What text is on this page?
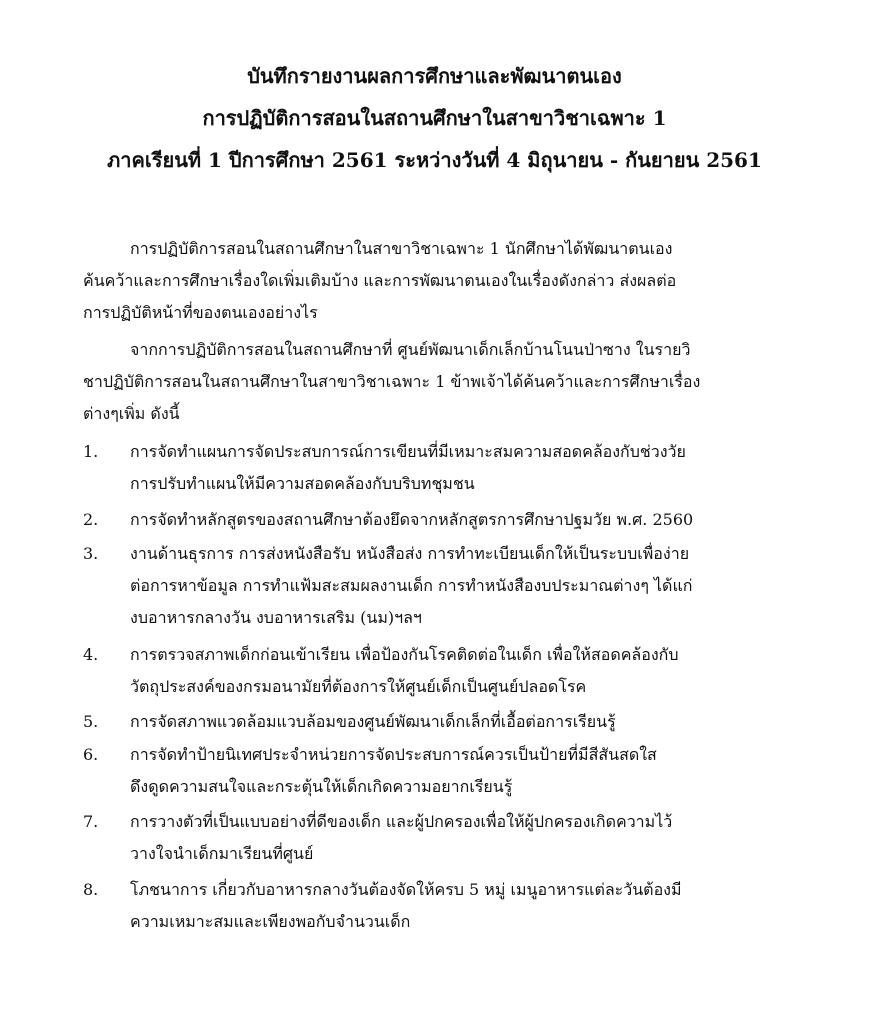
บันทึกรายงานผลการศึกษาและพัฒนาตนเอง
การปฏิบัติการสอนในสถานศึกษาในสาขาวิชาเฉพาะ 1
ภาคเรียนที่ 1 ปีการศึกษา 2561 ระหว่างวันที่ 4 มิถุนายน - กันยายน 2561
การปฏิบัติการสอนในสถานศึกษาในสาขาวิชาเฉพาะ 1 นักศึกษาได้พัฒนาตนเอง
ค้นคว้าและการศึกษาเรื่องใดเพิ่มเติมบ้าง และการพัฒนาตนเองในเรื่องดังกล่าว ส่งผลต่อ
การปฏิบัติหน้าที่ของตนเองอย่างไร
จากการปฏิบัติการสอนในสถานศึกษาที่ ศูนย์พัฒนาเด็กเล็กบ้านโนนป่าซาง ในรายวิ
ชาปฏิบัติการสอนในสถานศึกษาในสาขาวิชาเฉพาะ 1 ข้าพเจ้าได้ค้นคว้าและการศึกษาเรื่อง
ต่างๆเพิ่ม ดังนี้
1. การจัดทำแผนการจัดประสบการณ์การเขียนที่มีเหมาะสมความสอดคล้องกับช่วงวัย
การปรับทำแผนให้มีความสอดคล้องกับบริบทชุมชน
2. การจัดทำหลักสูตรของสถานศึกษาต้องยึดจากหลักสูตรการศึกษาปฐมวัย พ.ศ. 2560
3. งานด้านธุรการ การส่งหนังสือรับ หนังสือส่ง การทำทะเบียนเด็กให้เป็นระบบเพื่อง่าย
ต่อการหาข้อมูล การทำแฟ้มสะสมผลงานเด็ก การทำหนังสืองบประมาณต่างๆ ได้แก่
งบอาหารกลางวัน งบอาหารเสริม (นม)ฯลฯ
4. การตรวจสภาพเด็กก่อนเข้าเรียน เพื่อป้องกันโรคติดต่อในเด็ก เพื่อให้สอดคล้องกับ
วัตถุประสงค์ของกรมอนามัยที่ต้องการให้ศูนย์เด็กเป็นศูนย์ปลอดโรค
5. การจัดสภาพแวดล้อมแวบล้อมของศูนย์พัฒนาเด็กเล็กที่เอื้อต่อการเรียนรู้
6. การจัดทำป้ายนิเทศประจำหน่วยการจัดประสบการณ์ควรเป็นป้ายที่มีสีสันสดใส
ดึงดูดความสนใจและกระตุ้นให้เด็กเกิดความอยากเรียนรู้
7. การวางตัวที่เป็นแบบอย่างที่ดีของเด็ก และผู้ปกครองเพื่อให้ผู้ปกครองเกิดความไว้
วางใจนำเด็กมาเรียนที่ศูนย์
8. โภชนาการ เกี่ยวกับอาหารกลางวันต้องจัดให้ครบ 5 หมู่ เมนูอาหารแต่ละวันต้องมี
ความเหมาะสมและเพียงพอกับจำนวนเด็ก
